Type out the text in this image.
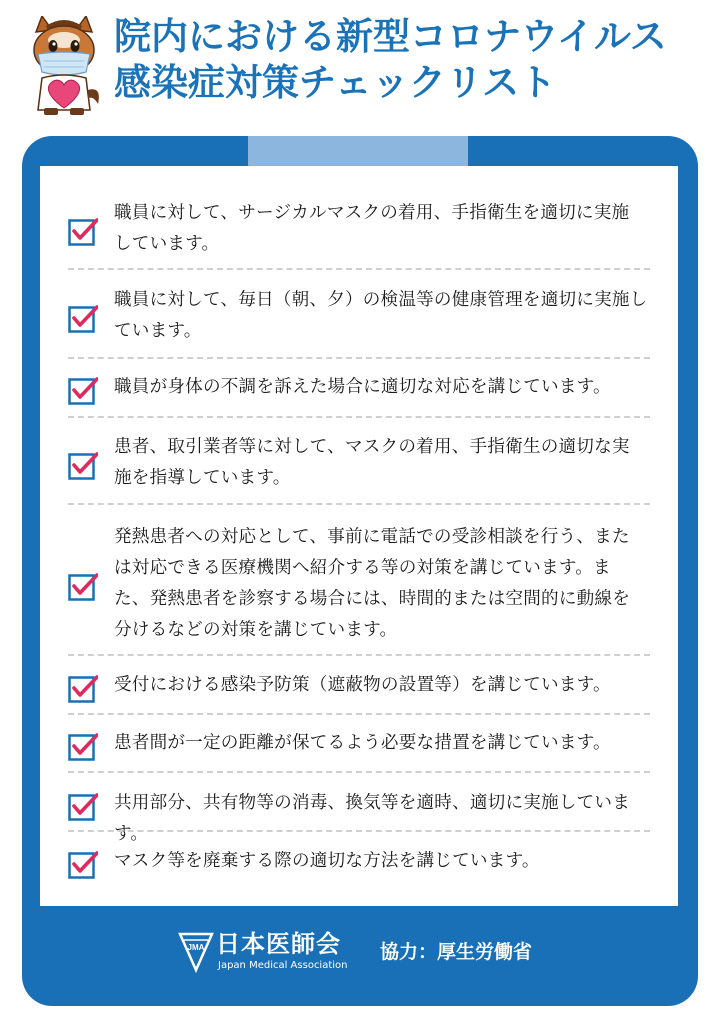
院内における新型コロナウイルス
感染症対策チェックリスト
職員に対して、サージカルマスクの着用、手指衛生を適切に実施
しています。
職員に対して、毎日（朝、夕）の検温等の健康管理を適切に実施し
ています。
職員が身体の不調を訴えた場合に適切な対応を講じています。
患者、取引業者等に対して、マスクの着用、手指衛生の適切な実
施を指導しています。
発熱患者への対応として、事前に電話での受診相談を行う、また
は対応できる医療機関へ紹介する等の対策を講じています。ま
た、発熱患者を診察する場合には、時間的または空間的に動線を
分けるなどの対策を講じています。
受付における感染予防策（遮蔽物の設置等）を講じています。
患者間が一定の距離が保てるよう必要な措置を講じています。
共用部分、共有物等の消毒、換気等を適時、適切に実施しています。
マスク等を廃棄する際の適切な方法を講じています。
JMA 日本医師会
Japan Medical Association
協力：厚生労働省
